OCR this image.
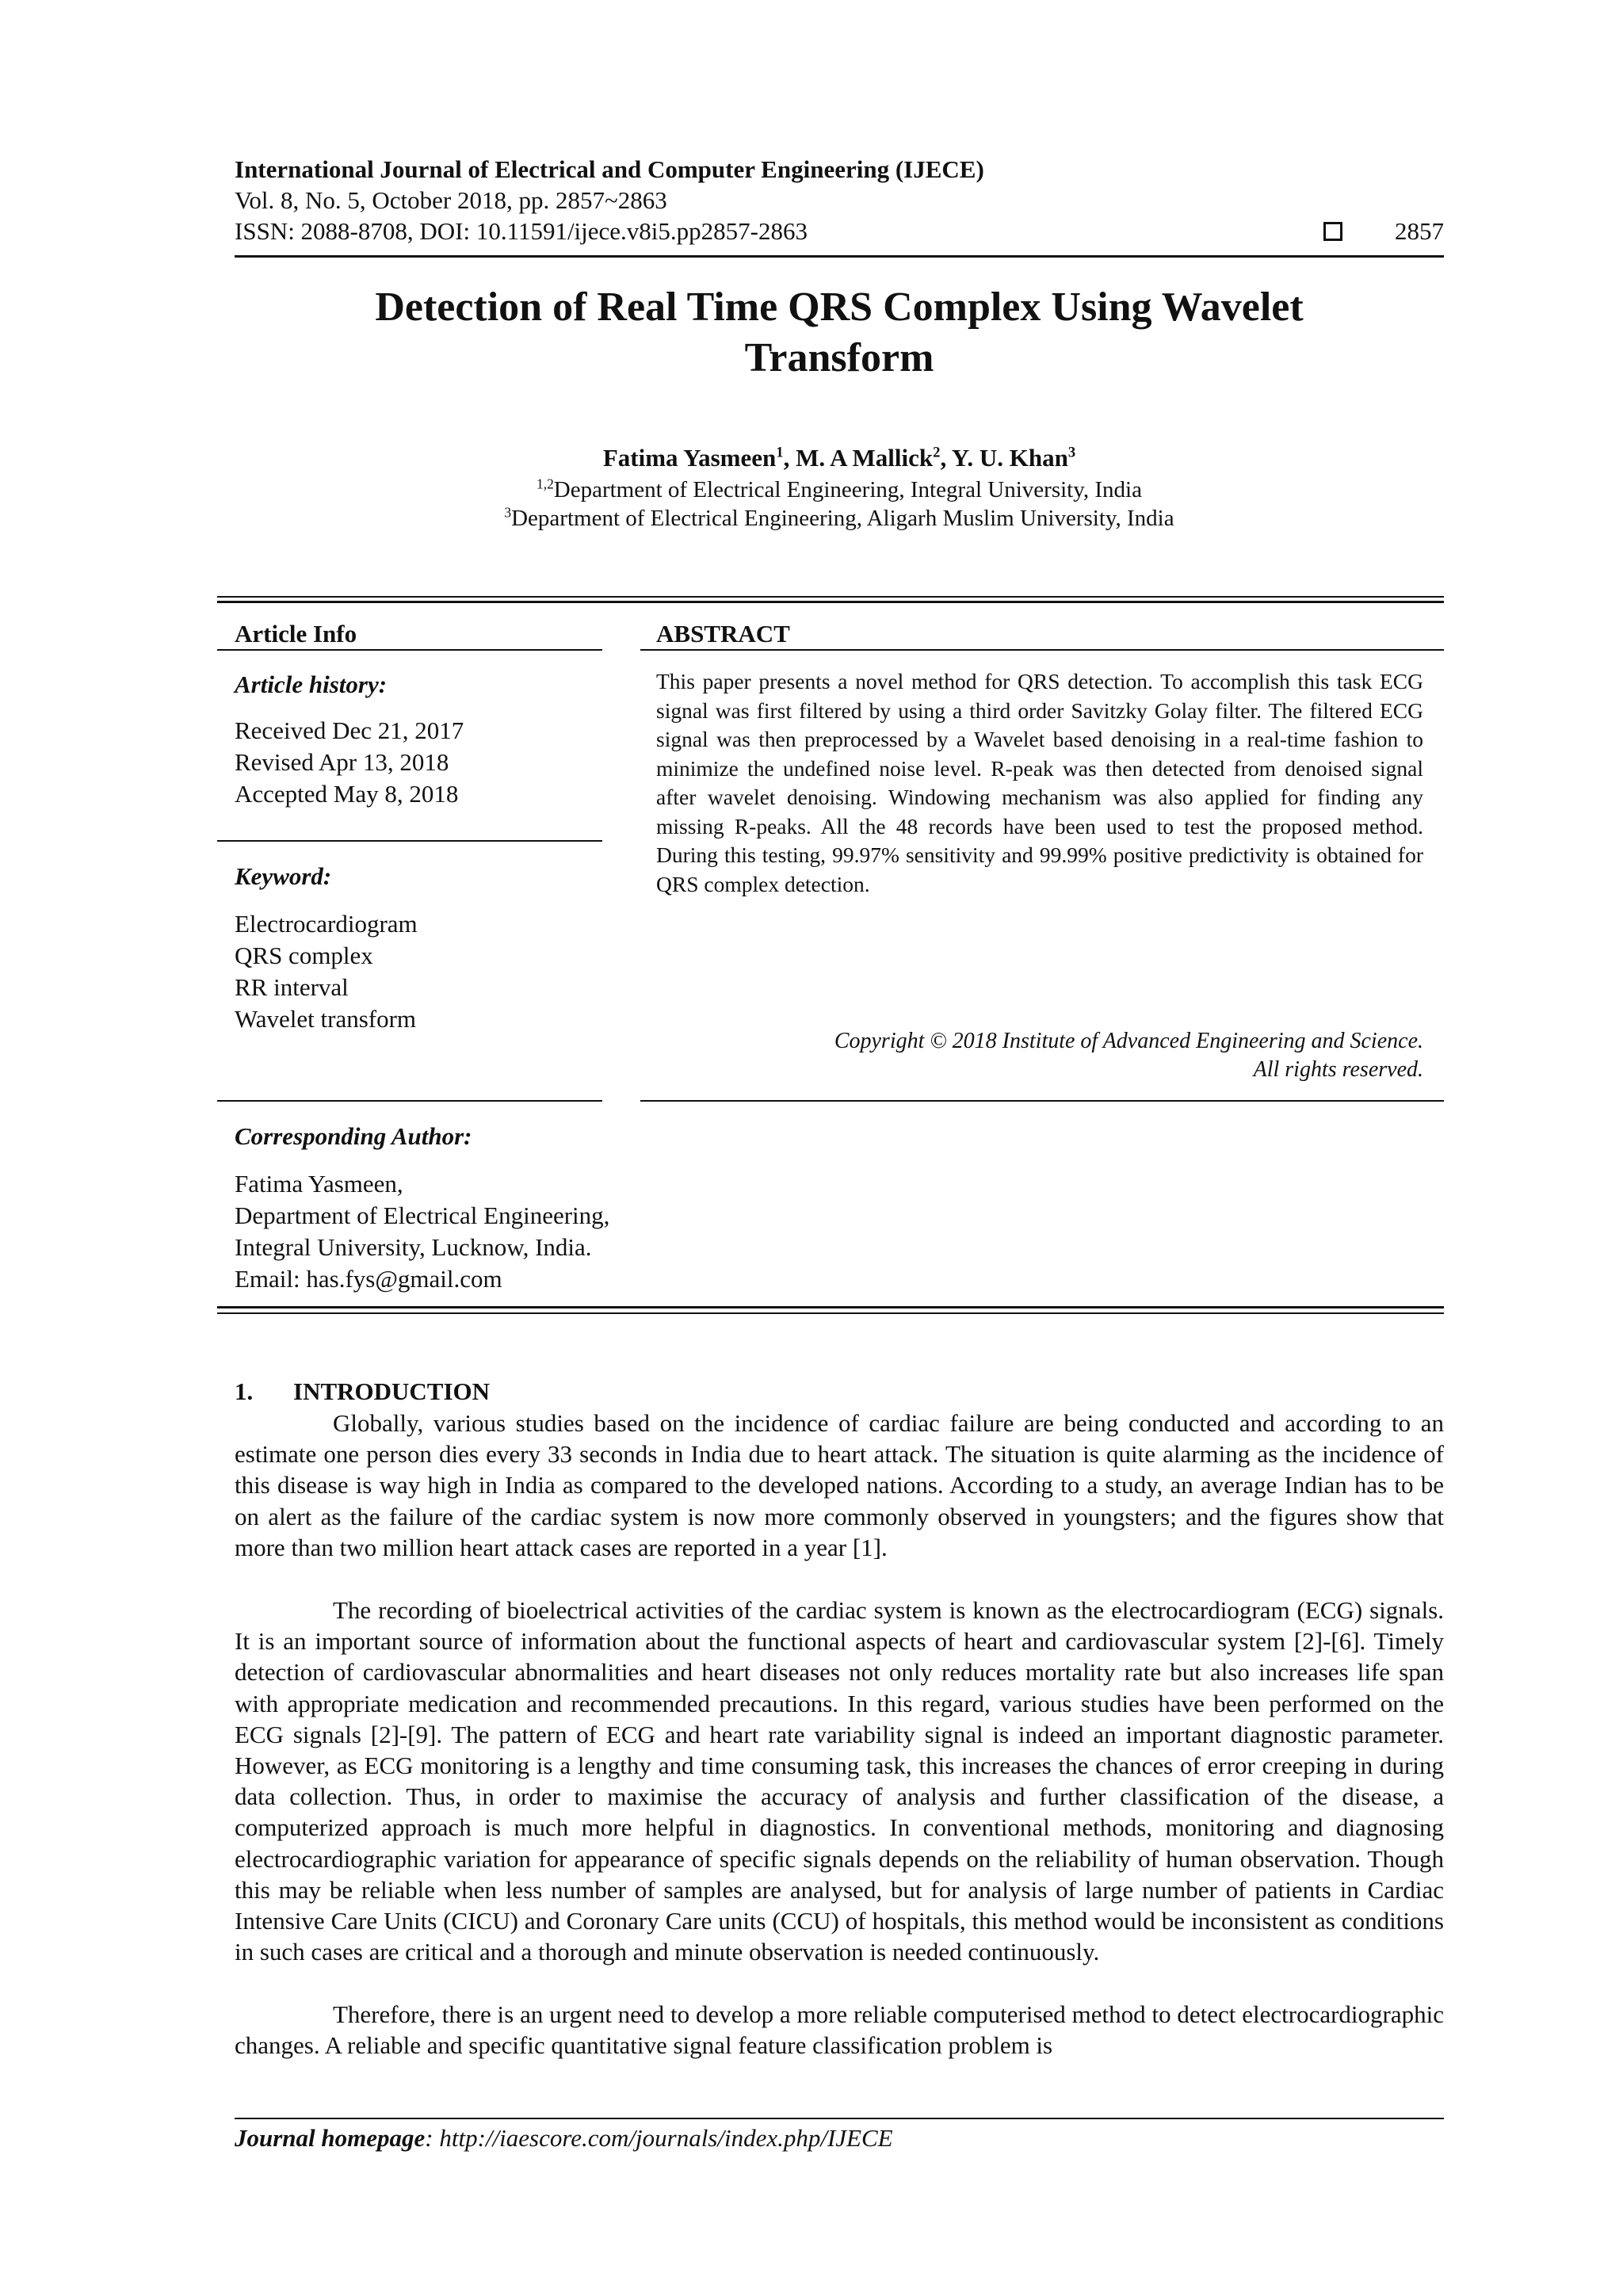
International Journal of Electrical and Computer Engineering (IJECE)
Vol. 8, No. 5, October 2018, pp. 2857~2863
ISSN: 2088-8708, DOI: 10.11591/ijece.v8i5.pp2857-2863	2857
Detection of Real Time QRS Complex Using Wavelet
Transform
Fatima Yasmeen$^1$, M. A Mallick$^2$, Y. U. Khan$^3$
$^{1,2}$Department of Electrical Engineering, Integral University, India
$^3$Department of Electrical Engineering, Aligarh Muslim University, India
Article Info
Article history:
Received Dec 21, 2017
Revised Apr 13, 2018
Accepted May 8, 2018
Keyword:
Electrocardiogram
QRS complex
RR interval
Wavelet transform
ABSTRACT
This paper presents a novel method for QRS detection. To accomplish this task ECG signal was first filtered by using a third order Savitzky Golay filter. The filtered ECG signal was then preprocessed by a Wavelet based denoising in a real-time fashion to minimize the undefined noise level. R-peak was then detected from denoised signal after wavelet denoising. Windowing mechanism was also applied for finding any missing R-peaks. All the 48 records have been used to test the proposed method. During this testing, 99.97% sensitivity and 99.99% positive predictivity is obtained for QRS complex detection.
Copyright © 2018 Institute of Advanced Engineering and Science.
All rights reserved.
Corresponding Author:
Fatima Yasmeen,
Department of Electrical Engineering,
Integral University, Lucknow, India.
Email: has.fys@gmail.com
1. INTRODUCTION
Globally, various studies based on the incidence of cardiac failure are being conducted and according to an estimate one person dies every 33 seconds in India due to heart attack. The situation is quite alarming as the incidence of this disease is way high in India as compared to the developed nations. According to a study, an average Indian has to be on alert as the failure of the cardiac system is now more commonly observed in youngsters; and the figures show that more than two million heart attack cases are reported in a year [1].
The recording of bioelectrical activities of the cardiac system is known as the electrocardiogram (ECG) signals. It is an important source of information about the functional aspects of heart and cardiovascular system [2]-[6]. Timely detection of cardiovascular abnormalities and heart diseases not only reduces mortality rate but also increases life span with appropriate medication and recommended precautions. In this regard, various studies have been performed on the ECG signals [2]-[9]. The pattern of ECG and heart rate variability signal is indeed an important diagnostic parameter. However, as ECG monitoring is a lengthy and time consuming task, this increases the chances of error creeping in during data collection. Thus, in order to maximise the accuracy of analysis and further classification of the disease, a computerized approach is much more helpful in diagnostics. In conventional methods, monitoring and diagnosing electrocardiographic variation for appearance of specific signals depends on the reliability of human observation. Though this may be reliable when less number of samples are analysed, but for analysis of large number of patients in Cardiac Intensive Care Units (CICU) and Coronary Care units (CCU) of hospitals, this method would be inconsistent as conditions in such cases are critical and a thorough and minute observation is needed continuously.
Therefore, there is an urgent need to develop a more reliable computerised method to detect electrocardiographic changes. A reliable and specific quantitative signal feature classification problem is
Journal homepage: http://iaescore.com/journals/index.php/IJECE
